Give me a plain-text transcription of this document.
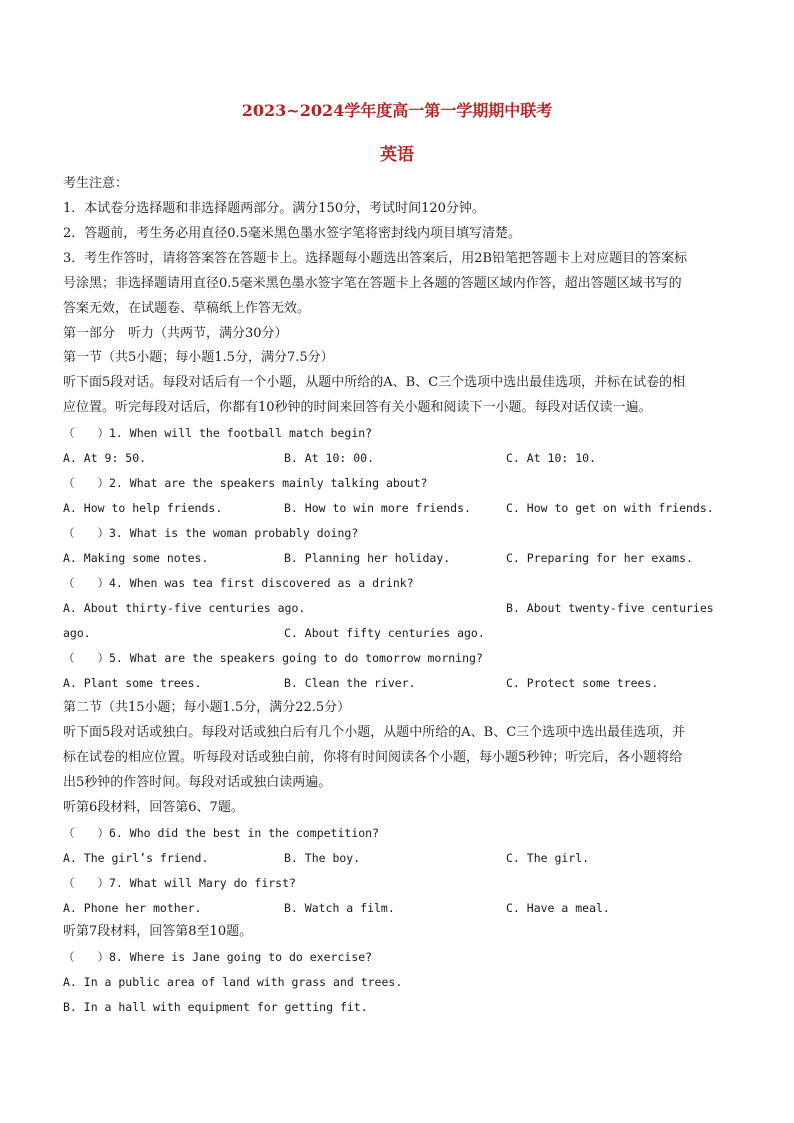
2023~2024学年度高一第一学期期中联考
英语
考生注意：
1．本试卷分选择题和非选择题两部分。满分150分，考试时间120分钟。
2．答题前，考生务必用直径0.5毫米黑色墨水签字笔将密封线内项目填写清楚。
3．考生作答时，请将答案答在答题卡上。选择题每小题选出答案后，用2B铅笔把答题卡上对应题目的答案标
号涂黑；非选择题请用直径0.5毫米黑色墨水签字笔在答题卡上各题的答题区域内作答，超出答题区域书写的
答案无效，在试题卷、草稿纸上作答无效。
第一部分　听力（共两节，满分30分）
第一节（共5小题；每小题1.5分，满分7.5分）
听下面5段对话。每段对话后有一个小题，从题中所给的A、B、C三个选项中选出最佳选项，并标在试卷的相
应位置。听完每段对话后，你都有10秒钟的时间来回答有关小题和阅读下一小题。每段对话仅读一遍。
（　　）1. When will the football match begin?
A. At 9: 50.	B. At 10: 00.	C. At 10: 10.
（　　）2. What are the speakers mainly talking about?
A. How to help friends.	B. How to win more friends.	C. How to get on with friends.
（　　）3. What is the woman probably doing?
A. Making some notes.	B. Planning her holiday.	C. Preparing for her exams.
（　　）4. When was tea first discovered as a drink?
A. About thirty-five centuries ago.	B. About twenty-five centuries
ago.	C. About fifty centuries ago.
（　　）5. What are the speakers going to do tomorrow morning?
A. Plant some trees.	B. Clean the river.	C. Protect some trees.
第二节（共15小题；每小题1.5分，满分22.5分）
听下面5段对话或独白。每段对话或独白后有几个小题，从题中所给的A、B、C三个选项中选出最佳选项，并
标在试卷的相应位置。听每段对话或独白前，你将有时间阅读各个小题，每小题5秒钟；听完后，各小题将给
出5秒钟的作答时间。每段对话或独白读两遍。
听第6段材料，回答第6、7题。
（　　）6. Who did the best in the competition?
A. The girl’s friend.	B. The boy.	C. The girl.
（　　）7. What will Mary do first?
A. Phone her mother.	B. Watch a film.	C. Have a meal.
听第7段材料，回答第8至10题。
（　　）8. Where is Jane going to do exercise?
A. In a public area of land with grass and trees.
B. In a hall with equipment for getting fit.
